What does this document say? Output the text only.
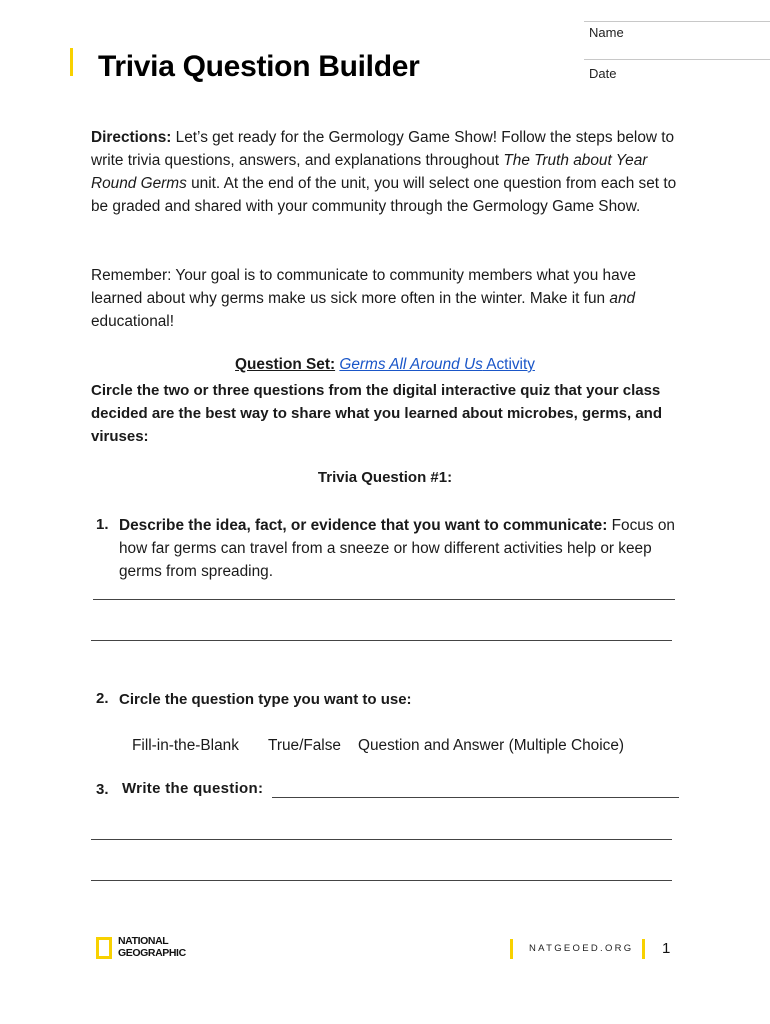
Trivia Question Builder
Name
Date
Directions: Let’s get ready for the Germology Game Show! Follow the steps below to write trivia questions, answers, and explanations throughout The Truth about Year Round Germs unit. At the end of the unit, you will select one question from each set to be graded and shared with your community through the Germology Game Show.
Remember: Your goal is to communicate to community members what you have learned about why germs make us sick more often in the winter. Make it fun and educational!
Question Set: Germs All Around Us Activity
Circle the two or three questions from the digital interactive quiz that your class decided are the best way to share what you learned about microbes, germs, and viruses:
Trivia Question #1:
1. Describe the idea, fact, or evidence that you want to communicate: Focus on how far germs can travel from a sneeze or how different activities help or keep germs from spreading.
2. Circle the question type you want to use:
Fill-in-the-Blank True/False Question and Answer (Multiple Choice)
3. Write the question:
NATIONAL
GEOGRAPHIC	NATGEOED.ORG 1
